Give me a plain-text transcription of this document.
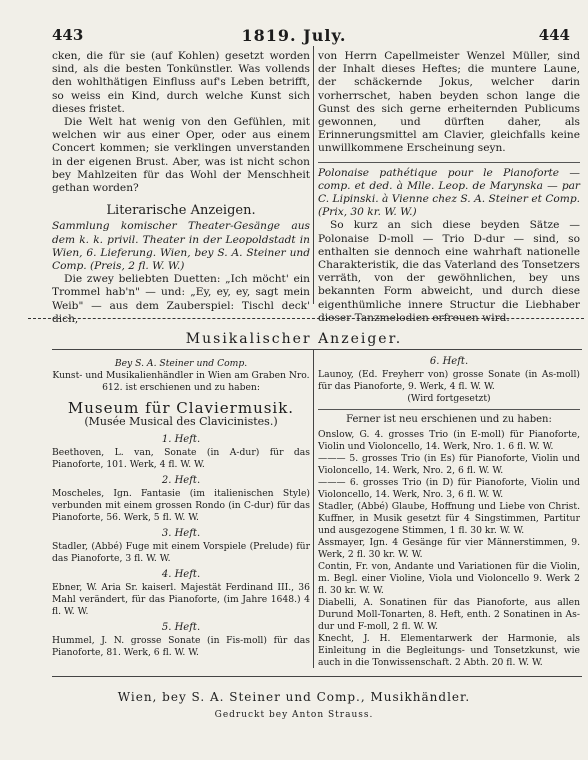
1819. July.
443	444

cken, die für sie (auf Kohlen) gesetzt worden sind, als die besten Tonkünstler. Was vollends den wohlthätigen Einfluss auf's Leben betrifft, so weiss ein Kind, durch welche Kunst sich dieses fristet.

Die Welt hat wenig von den Gefühlen, mit welchen wir aus einer Oper, oder aus einem Concert kommen; sie verklingen unverstanden in der eigenen Brust. Aber, was ist nicht schon bey Mahlzeiten für das Wohl der Menschheit gethan worden?

Literarische Anzeigen.

Sammlung komischer Theater-Gesänge aus dem k. k. privil. Theater in der Leopoldstadt in Wien, 6. Lieferung. Wien, bey S. A. Steiner und Comp. (Preis, 2 fl. W. W.)

Die zwey beliebten Duetten: „Ich möcht' ein Trommel hab'n" — und: „Ey, ey, ey, sagt mein Weib" — aus dem Zauberspiel: Tischl deck' dich,

von Herrn Capellmeister Wenzel Müller, sind der Inhalt dieses Heftes; die muntere Laune, der schäckernde Jokus, welcher darin vorherrschet, haben beyden schon lange die Gunst des sich gerne erheiternden Publicums gewonnen, und dürften daher, als Erinnerungsmittel am Clavier, gleichfalls keine unwillkommene Erscheinung seyn.

Polonaise pathétique pour le Pianoforte — comp. et ded. à Mlle. Leop. de Marynska — par C. Lipinski. à Vienne chez S. A. Steiner et Comp. (Prix, 30 kr. W. W.)

So kurz an sich diese beyden Sätze — Polonaise D-moll — Trio D-dur — sind, so enthalten sie dennoch eine wahrhaft nationelle Charakteristik, die das Vaterland des Tonsetzers verräth, von der gewöhnlichen, bey uns bekannten Form abweicht, und durch diese eigenthümliche innere Structur die Liebhaber dieser Tanzmelodien erfreuen wird.

Musikalischer Anzeiger.
Bey S. A. Steiner und Comp.
Kunst- und Musikalienhändler in Wien am Graben Nro. 612. ist erschienen und zu haben:
Museum für Claviermusik.
(Musée Musical des Clavicinistes.)
1. Heft.

Beethoven, L. van, Sonate (in A-dur) für das Pianoforte, 101. Werk, 4 fl. W. W.

2. Heft.

Moscheles, Ign. Fantasie (im italienischen Style) verbunden mit einem grossen Rondo (in C-dur) für das Pianoforte, 56. Werk, 5 fl. W. W.

3. Heft.

Stadler, (Abbé) Fuge mit einem Vorspiele (Prelude) für das Pianoforte, 3 fl. W. W.

4. Heft.

Ebner, W. Aria Sr. kaiserl. Majestät Ferdinand III., 36 Mahl verändert, für das Pianoforte, (im Jahre 1648.) 4 fl. W. W.

5. Heft.

Hummel, J. N. grosse Sonate (in Fis-moll) für das Pianoforte, 81. Werk, 6 fl. W. W.

6. Heft.

Launoy, (Ed. Freyherr von) grosse Sonate (in As-moll) für das Pianoforte, 9. Werk, 4 fl. W. W.

(Wird fortgesetzt)
Ferner ist neu erschienen und zu haben:

Onslow, G. 4. grosses Trio (in E-moll) für Pianoforte, Violin und Violoncello, 14. Werk, Nro. 1. 6 fl. W. W.

——— 5. grosses Trio (in Es) für Pianoforte, Violin und Violoncello, 14. Werk, Nro. 2, 6 fl. W. W.

——— 6. grosses Trio (in D) für Pianoforte, Violin und Violoncello, 14. Werk, Nro. 3, 6 fl. W. W.

Stadler, (Abbé) Glaube, Hoffnung und Liebe von Christ. Kuffner, in Musik gesetzt für 4 Singstimmen, Partitur und ausgezogene Stimmen, 1 fl. 30 kr. W. W.

Assmayer, Ign. 4 Gesänge für vier Männerstimmen, 9. Werk, 2 fl. 30 kr. W. W.

Contin, Fr. von, Andante und Variationen für die Violin, m. Begl. einer Violine, Viola und Violoncello 9. Werk 2 fl. 30 kr. W. W.

Diabelli, A. Sonatinen für das Pianoforte, aus allen Durund Moll-Tonarten, 8. Heft, enth. 2 Sonatinen in As-dur und F-moll, 2 fl. W. W.

Knecht, J. H. Elementarwerk der Harmonie, als Einleitung in die Begleitungs- und Tonsetzkunst, wie auch in die Tonwissenschaft. 2 Abth. 20 fl. W. W.

Wien, bey S. A. Steiner und Comp., Musikhändler.
Gedruckt bey Anton Strauss.
